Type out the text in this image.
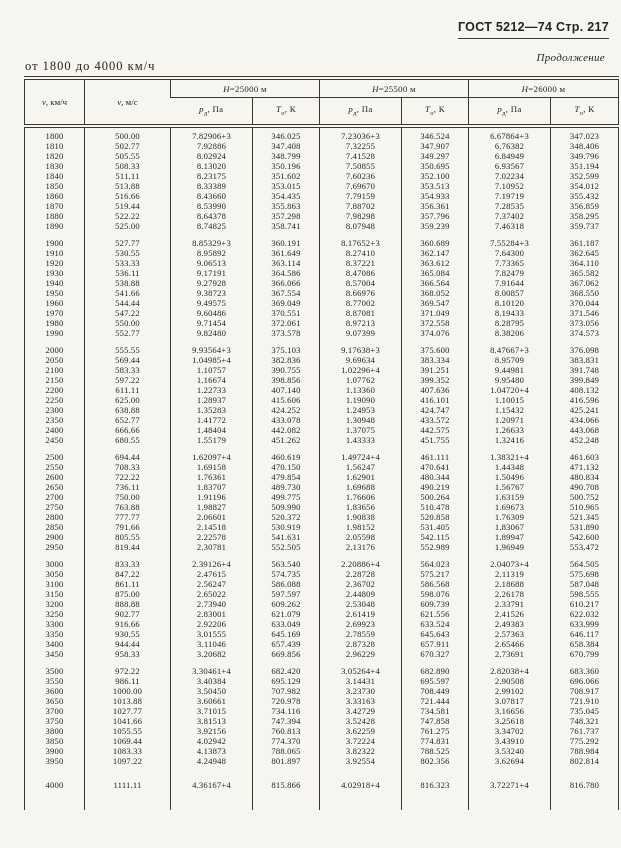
ГОСТ 5212—74 Стр. 217
Продолжение
от 1800 до 4000 км/ч
v, км/ч	v, м/с	H=25000 м		H=25500 м		H=26000 м	
		$p_д$, Па	$T_о$, К	$p_д$, Па	$T_о$, К	$p_д$, Па	$T_о$, К
1800	500.00	7.82906+3	346.025	7.23036+3	346.524	6.67864+3	347.023
1810	502.77	7.92886	347.408	7.32255	347.907	6.76382	348.406
1820	505.55	8.02924	348.799	7.41528	349.297	6.84949	349.796
1830	508.33	8.13020	350.196	7.50855	350.695	6.93567	351.194
1840	511.11	8.23175	351.602	7.60236	352.100	7.02234	352.599
1850	513.88	8.33389	353.015	7.69670	353.513	7.10952	354.012
1860	516.66	8.43660	354.435	7.79159	354.933	7.19719	355.432
1870	519.44	8.53990	355.863	7.88702	356.361	7.28535	356.859
1880	522.22	8.64378	357.298	7.98298	357.796	7.37402	358.295
1890	525.00	8.74825	358.741	8.07948	359.239	7.46318	359.737

1900	527.77	8.85329+3	360.191	8.17652+3	360.689	7.55284+3	361.187
1910	530.55	8.95892	361.649	8.27410	362.147	7.64300	362.645
1920	533.33	9.06513	363.114	8.37221	363.612	7.73365	364.110
1930	536.11	9.17191	364.586	8.47086	365.084	7.82479	365.582
1940	538.88	9.27928	366.066	8.57004	366.564	7.91644	367.062
1950	541.66	9.38723	367.554	8.66976	368.052	8.00857	368.550
1960	544.44	9.49575	369.049	8.77002	369.547	8.10120	370.044
1970	547.22	9.60486	370.551	8.87081	371.049	8.19433	371.546
1980	550.00	9.71454	372.061	8.97213	372.558	8.28795	373.056
1990	552.77	9.82480	373.578	9.07399	374.076	8.38206	374.573

2000	555.55	9.93564+3	375.103	9.17638+3	375.600	8.47667+3	376.098
2050	569.44	1.04985+4	382.836	9.69634	383.334	8.95709	383.831
2100	583.33	1.10757	390.755	1.02296+4	391.251	9.44981	391.748
2150	597.22	1.16674	398.856	1.07762	399.352	9.95480	399.849
2200	611.11	1.22733	407.140	1.13360	407.636	1.04720+4	408.132
2250	625.00	1.28937	415.606	1.19090	416.101	1.10015	416.596
2300	638.88	1.35283	424.252	1.24953	424.747	1.15432	425.241
2350	652.77	1.41772	433.078	1.30948	433.572	1.20971	434.066
2400	666.66	1.48404	442.082	1.37075	442.575	1.26633	443.068
2450	680.55	1.55179	451.262	1.43333	451.755	1.32416	452.248

2500	694.44	1.62097+4	460.619	1.49724+4	461.111	1.38321+4	461.603
2550	708.33	1.69158	470.150	1.56247	470.641	1.44348	471.132
2600	722.22	1.76361	479.854	1.62901	480.344	1.50496	480.834
2650	736.11	1.83707	489.730	1.69688	490.219	1.56767	490.708
2700	750.00	1.91196	499.775	1.76606	500.264	1.63159	500.752
2750	763.88	1.98827	509.990	1.83656	510.478	1.69673	510.965
2800	777.77	2.06601	520.372	1.90838	520.858	1.76309	521.345
2850	791.66	2.14518	530.919	1.98152	531.405	1.83067	531.890
2900	805.55	2.22578	541.631	2.05598	542.115	1.89947	542.600
2950	819.44	2.30781	552.505	2.13176	552.989	1.96949	553.472

3000	833.33	2.39126+4	563.540	2.20886+4	564.023	2.04073+4	564.505
3050	847.22	2.47615	574.735	2.28728	575.217	2.11319	575.698
3100	861.11	2.56247	586.088	2.36702	586.568	2.18688	587.048
3150	875.00	2.65022	597.597	2.44809	598.076	2.26178	598.555
3200	888.88	2.73940	609.262	2.53048	609.739	2.33791	610.217
3250	902.77	2.83001	621.079	2.61419	621.556	2.41526	622.032
3300	916.66	2.92206	633.049	2.69923	633.524	2.49383	633.999
3350	930.55	3.01555	645.169	2.78559	645.643	2.57363	646.117
3400	944.44	3.11046	657.439	2.87328	657.911	2.65466	658.384
3450	958.33	3.20682	669.856	2.96229	670.327	2.73691	670.799

3500	972.22	3.30461+4	682.420	3.05264+4	682.890	2.82038+4	683.360
3550	986.11	3.40384	695.129	3.14431	695.597	2.90508	696.066
3600	1000.00	3.50450	707.982	3.23730	708.449	2.99102	708.917
3650	1013.88	3.60661	720.978	3.33163	721.444	3.07817	721.910
3700	1027.77	3.71015	734.116	3.42729	734.581	3.16656	735.045
3750	1041.66	3.81513	747.394	3.52428	747.858	3.25618	748.321
3800	1055.55	3.92156	760.813	3.62259	761.275	3.34702	761.737
3850	1069.44	4.02942	774.370	3.72224	774.831	3.43910	775.292
3900	1083.33	4.13873	788.065	3.82322	788.525	3.53240	788.984
3950	1097.22	4.24948	801.897	3.92554	802.356	3.62694	802.814

4000	1111.11	4.36167+4	815.866	4.02918+4	816.323	3.72271+4	816.780
